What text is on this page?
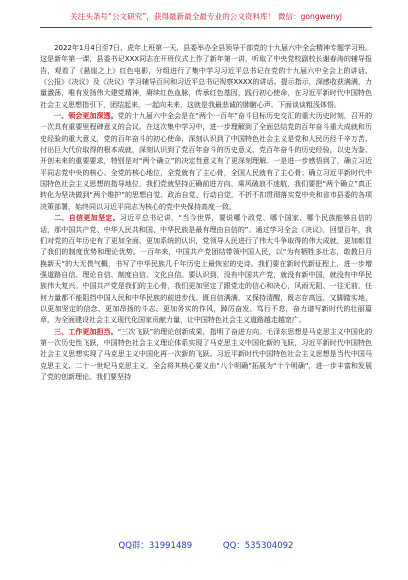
关注头条号“公文研究”，获得最新最全最专业的公文资料库！ 微信：gongwenyj

2022年1月4日至7日，虎年上班第一天，县委举办全县领导干部党的十九届六中全会精神专题学习班。这是新年第一课，县委书记XXX同志在开班仪式上作了新年第一讲，听取了中央党校副校长谢春涛的辅导报告，观看了《悬崖之上》红色电影，分组进行了集中学习习近平总书记在党的十九届六中全会上的讲话、《公报》《决议》及《决议》学习辅导百问和习近平总书记视察XXXX的讲话。提示指示，深感收获满满，力量激荡，唯有发扬伟大建党精神，赓续红色血脉，传承红色基因，践行初心使命，在习近平新时代中国特色社会主义思想指引下，团结起来，一起向未来，这就是我最悲诚的肺腑心声。下面谈谈粗浅体悟。

一、领会更加深透。党的十九届六中全会是在“两个一百年”奋斗目标历史交汇的重大历史时刻，召开的一次具有重要里程碑意义的会议。在这次集中学习中，进一步理解到了全面总结党的百年奋斗重大成就和历史经验的重大意义，党的百年奋斗的初心使命，深刻认识到了中国特色社会主义是党和人民历经千辛万苦、付出巨大代价取得的根本成就，深刻认识到了党百年奋斗的历史意义，党百年奋斗的历史经验，以史为鉴、开创未来的重要要求，特别是对“两个确立”的决定性意义有了更深刻理解。一是进一步感悟到了，确立习近平同志党中央的核心、全党的核心地位，全党就有了主心骨，全国人民就有了主心骨；确立习近平新时代中国特色社会主义思想的指导地位，我们党就坚持正确前进方向、乘风破浪不迷航，我们要把“两个确立”真正转化为坚决做到“两个维护”的思想自觉、政治自觉、行动自觉，不折不扣贯彻落实党中央和省市县委的各项决策部署，始终同以习近平同志为核心的党中央保持高度一致。

二、自信更加坚定。习近平总书记讲，“当今世界，要说哪个政党、哪个国家、哪个民族能够自信的话，那中国共产党、中华人民共和国、中华民族是最有理由自信的”。通过学习全会《决议》，回望百年，我们对党的百年历史有了更加全面、更加系统的认识，党领导人民进行了伟大斗争取得的伟大成就，更加彰显了我们的制度优势和理论优势。一百年来，中国共产党团结带领中国人民，以“为有牺牲多壮志，敢教日月换新天”的大无畏气概，书写了中华民族几千年历史上最恢宏的史诗。我们要在新时代新征程上，进一步增强道路自信、理论自信、制度自信、文化自信。要认识到，没有中国共产党，就没有新中国，就没有中华民族伟大复兴。中国共产党是我们的主心骨，我们更加坚定了跟党走的信心和决心，风雨无阻、一往无前，任何力量都不能阻挡中国人民和中华民族的前进步伐。既自信满满，又保持清醒，既志存高远，又脚踏实地，以更加坚定的信念、更加昂扬的斗志、更加务实的作风，踔厉奋发、笃行不怠，奋力谱写新时代的壮丽篇章，为全面建设社会主义现代化国家贡献力量，让中国特色社会主义道路越走越宽广。

三、工作更加担当。“三次飞跃”的理论创新成果，指明了奋进方向。毛泽东思想是马克思主义中国化的第一次历史性飞跃，中国特色社会主义理论体系实现了马克思主义中国化新的飞跃，习近平新时代中国特色社会主义思想实现了马克思主义中国化再一次新的飞跃。习近平新时代中国特色社会主义思想是当代中国马克思主义、二十一世纪马克思主义，全会将其核心要义由“八个明确”拓展为“十个明确”，进一步丰富和发展了党的创新理论。我们要坚持

QQ群：31991489	QQ：535304092
